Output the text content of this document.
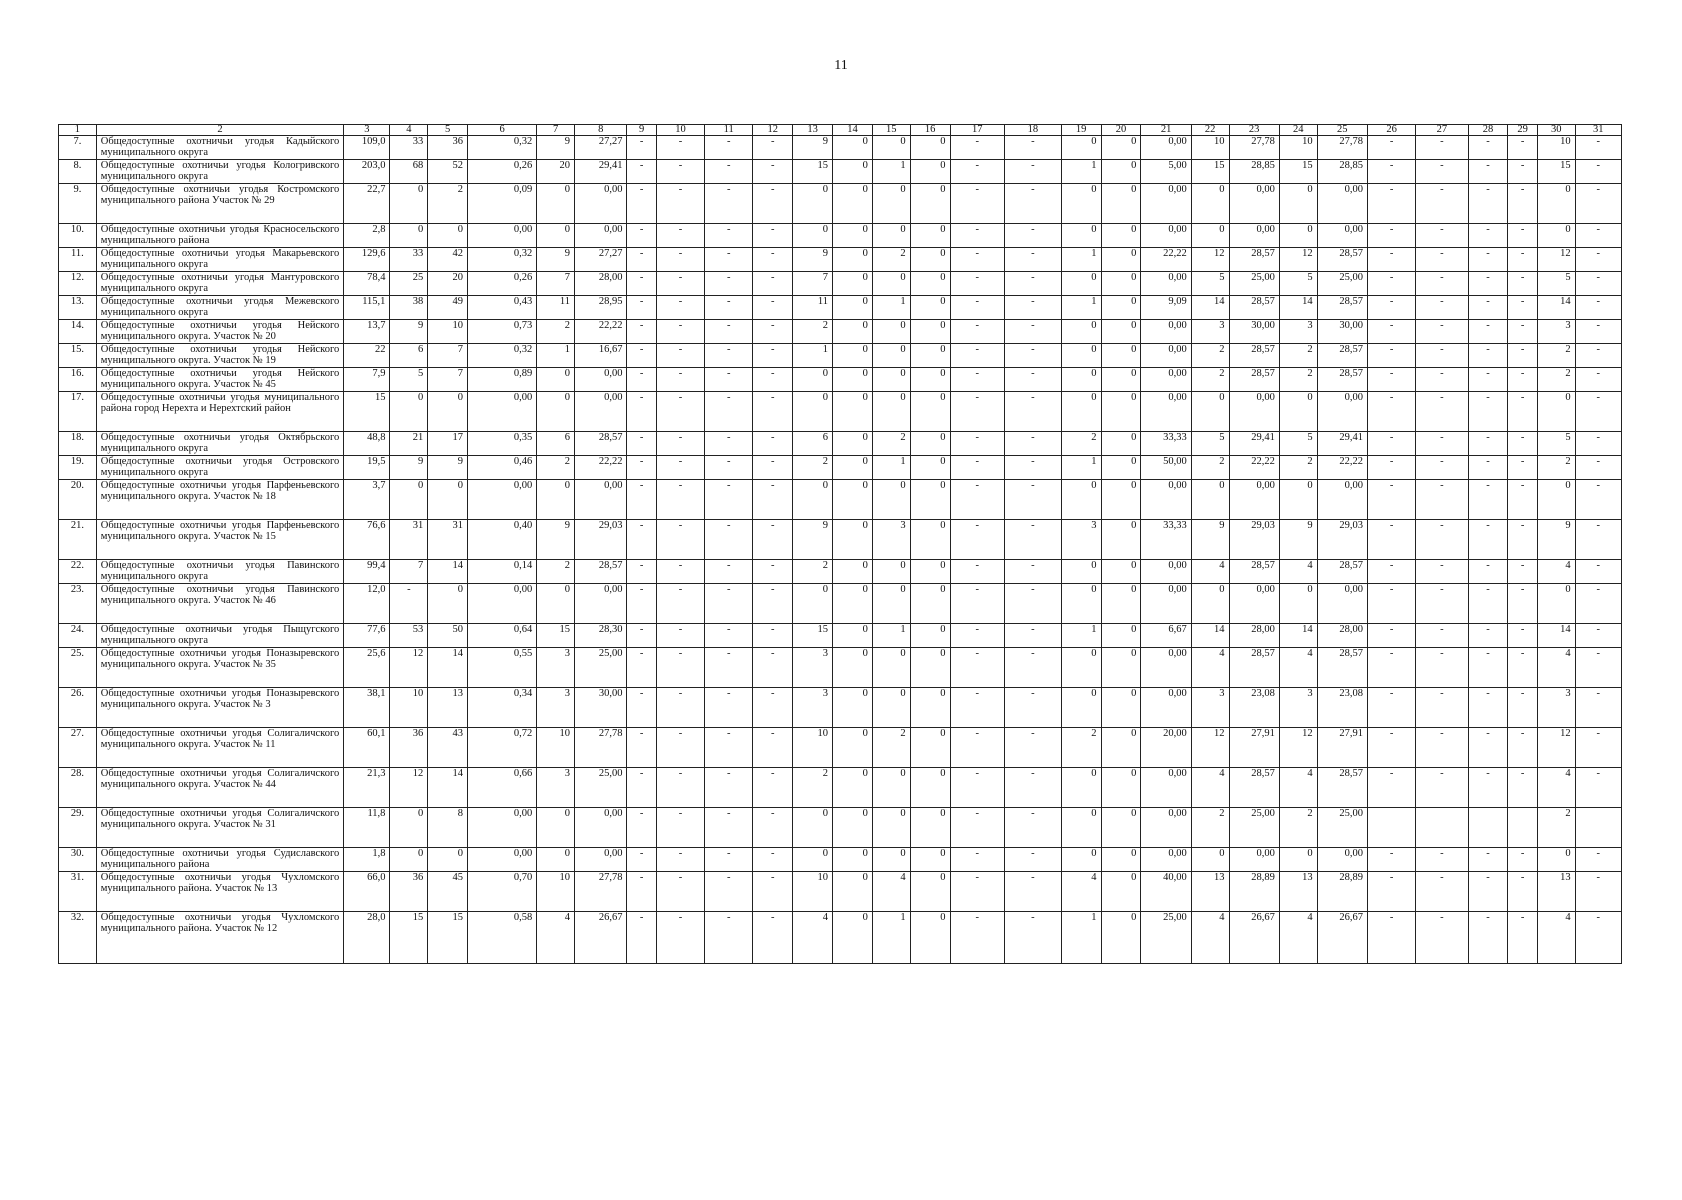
11
1	2	3	4	5	6	7	8	9	10	11	12	13	14	15	16	17	18	19	20	21	22	23	24	25	26	27	28	29	30	31
7.	Общедоступные охотничьи угодья Кадыйского муниципального округа	109,0	33	36	0,32	9	27,27	-	-	-	-	9	0	0	0	-	-	0	0	0,00	10	27,78	10	27,78	-	-	-	-	10	-
8.	Общедоступные охотничьи угодья Кологривского муниципального округа	203,0	68	52	0,26	20	29,41	-	-	-	-	15	0	1	0	-	-	1	0	5,00	15	28,85	15	28,85	-	-	-	-	15	-
9.	Общедоступные охотничьи угодья Костромского муниципального района Участок № 29	22,7	0	2	0,09	0	0,00	-	-	-	-	0	0	0	0	-	-	0	0	0,00	0	0,00	0	0,00	-	-	-	-	0	-
10.	Общедоступные охотничьи угодья Красносельского муниципального района	2,8	0	0	0,00	0	0,00	-	-	-	-	0	0	0	0	-	-	0	0	0,00	0	0,00	0	0,00	-	-	-	-	0	-
11.	Общедоступные охотничьи угодья Макарьевского муниципального округа	129,6	33	42	0,32	9	27,27	-	-	-	-	9	0	2	0	-	-	1	0	22,22	12	28,57	12	28,57	-	-	-	-	12	-
12.	Общедоступные охотничьи угодья Мантуровского муниципального округа	78,4	25	20	0,26	7	28,00	-	-	-	-	7	0	0	0	-	-	0	0	0,00	5	25,00	5	25,00	-	-	-	-	5	-
13.	Общедоступные охотничьи угодья Межевского муниципального округа	115,1	38	49	0,43	11	28,95	-	-	-	-	11	0	1	0	-	-	1	0	9,09	14	28,57	14	28,57	-	-	-	-	14	-
14.	Общедоступные охотничьи угодья Нейского муниципального округа. Участок № 20	13,7	9	10	0,73	2	22,22	-	-	-	-	2	0	0	0	-	-	0	0	0,00	3	30,00	3	30,00	-	-	-	-	3	-
15.	Общедоступные охотничьи угодья Нейского муниципального округа. Участок № 19	22	6	7	0,32	1	16,67	-	-	-	-	1	0	0	0	-	-	0	0	0,00	2	28,57	2	28,57	-	-	-	-	2	-
16.	Общедоступные охотничьи угодья Нейского муниципального округа. Участок № 45	7,9	5	7	0,89	0	0,00	-	-	-	-	0	0	0	0	-	-	0	0	0,00	2	28,57	2	28,57	-	-	-	-	2	-
17.	Общедоступные охотничьи угодья муниципального района город Нерехта и Нерехтский район	15	0	0	0,00	0	0,00	-	-	-	-	0	0	0	0	-	-	0	0	0,00	0	0,00	0	0,00	-	-	-	-	0	-
18.	Общедоступные охотничьи угодья Октябрьского муниципального округа	48,8	21	17	0,35	6	28,57	-	-	-	-	6	0	2	0	-	-	2	0	33,33	5	29,41	5	29,41	-	-	-	-	5	-
19.	Общедоступные охотничьи угодья Островского муниципального округа	19,5	9	9	0,46	2	22,22	-	-	-	-	2	0	1	0	-	-	1	0	50,00	2	22,22	2	22,22	-	-	-	-	2	-
20.	Общедоступные охотничьи угодья Парфеньевского муниципального округа. Участок № 18	3,7	0	0	0,00	0	0,00	-	-	-	-	0	0	0	0	-	-	0	0	0,00	0	0,00	0	0,00	-	-	-	-	0	-
21.	Общедоступные охотничьи угодья Парфеньевского муниципального округа. Участок № 15	76,6	31	31	0,40	9	29,03	-	-	-	-	9	0	3	0	-	-	3	0	33,33	9	29,03	9	29,03	-	-	-	-	9	-
22.	Общедоступные охотничьи угодья Павинского муниципального округа	99,4	7	14	0,14	2	28,57	-	-	-	-	2	0	0	0	-	-	0	0	0,00	4	28,57	4	28,57	-	-	-	-	4	-
23.	Общедоступные охотничьи угодья Павинского муниципального округа. Участок № 46	12,0	-	0	0,00	0	0,00	-	-	-	-	0	0	0	0	-	-	0	0	0,00	0	0,00	0	0,00	-	-	-	-	0	-
24.	Общедоступные охотничьи угодья Пыщугского муниципального округа	77,6	53	50	0,64	15	28,30	-	-	-	-	15	0	1	0	-	-	1	0	6,67	14	28,00	14	28,00	-	-	-	-	14	-
25.	Общедоступные охотничьи угодья Поназыревского муниципального округа. Участок № 35	25,6	12	14	0,55	3	25,00	-	-	-	-	3	0	0	0	-	-	0	0	0,00	4	28,57	4	28,57	-	-	-	-	4	-
26.	Общедоступные охотничьи угодья Поназыревского муниципального округа. Участок № 3	38,1	10	13	0,34	3	30,00	-	-	-	-	3	0	0	0	-	-	0	0	0,00	3	23,08	3	23,08	-	-	-	-	3	-
27.	Общедоступные охотничьи угодья Солигаличского муниципального округа. Участок № 11	60,1	36	43	0,72	10	27,78	-	-	-	-	10	0	2	0	-	-	2	0	20,00	12	27,91	12	27,91	-	-	-	-	12	-
28.	Общедоступные охотничьи угодья Солигаличского муниципального округа. Участок № 44	21,3	12	14	0,66	3	25,00	-	-	-	-	2	0	0	0	-	-	0	0	0,00	4	28,57	4	28,57	-	-	-	-	4	-
29.	Общедоступные охотничьи угодья Солигаличского муниципального округа. Участок № 31	11,8	0	8	0,00	0	0,00	-	-	-	-	0	0	0	0	-	-	0	0	0,00	2	25,00	2	25,00					2	
30.	Общедоступные охотничьи угодья Судиславского муниципального района	1,8	0	0	0,00	0	0,00	-	-	-	-	0	0	0	0	-	-	0	0	0,00	0	0,00	0	0,00	-	-	-	-	0	-
31.	Общедоступные охотничьи угодья Чухломского муниципального района. Участок № 13	66,0	36	45	0,70	10	27,78	-	-	-	-	10	0	4	0	-	-	4	0	40,00	13	28,89	13	28,89	-	-	-	-	13	-
32.	Общедоступные охотничьи угодья Чухломского муниципального района. Участок № 12	28,0	15	15	0,58	4	26,67	-	-	-	-	4	0	1	0	-	-	1	0	25,00	4	26,67	4	26,67	-	-	-	-	4	-
